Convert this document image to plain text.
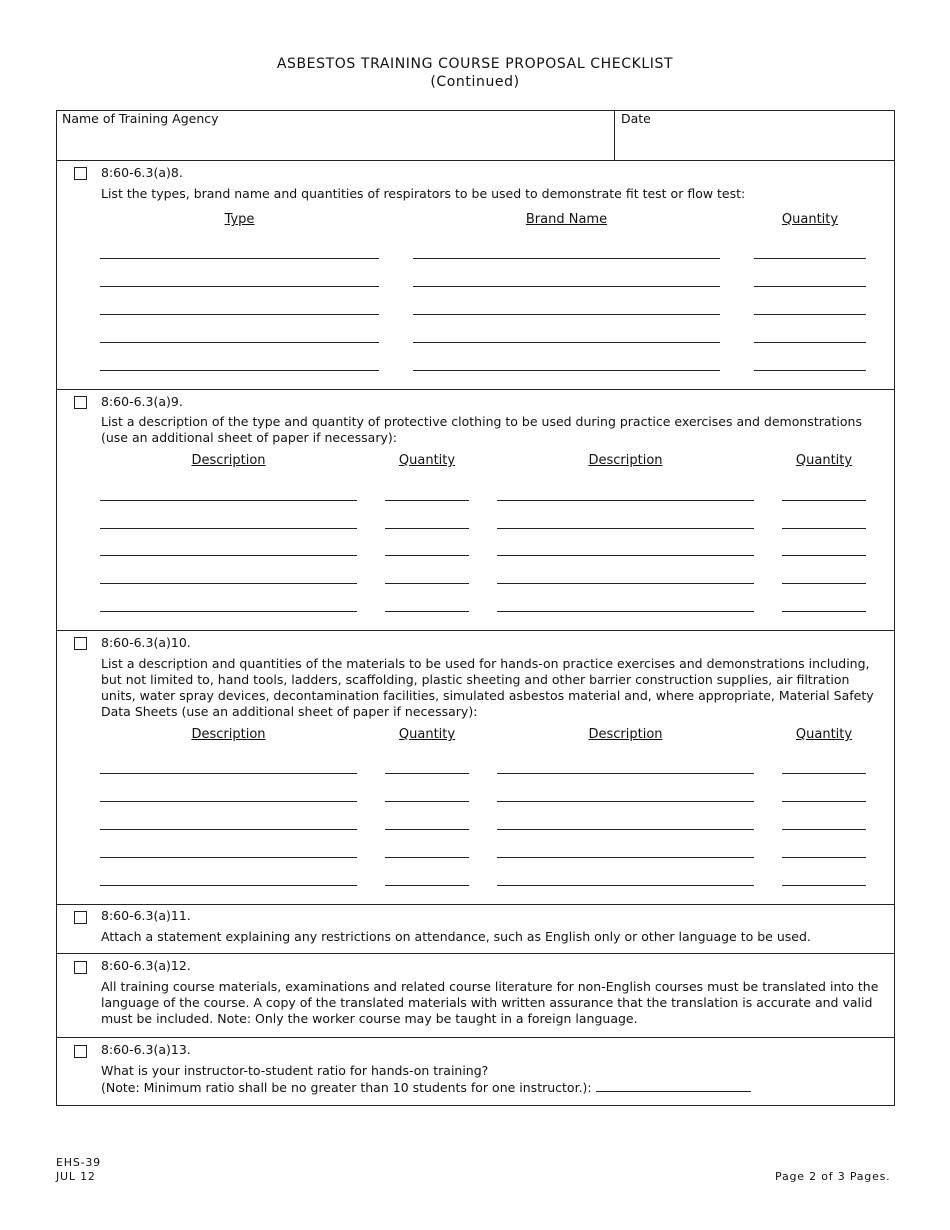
ASBESTOS TRAINING COURSE PROPOSAL CHECKLIST
(Continued)
Name of Training Agency	Date
8:60-6.3(a)8.
List the types, brand name and quantities of respirators to be used to demonstrate fit test or flow test:
Type	Brand Name	Quantity
8:60-6.3(a)9.
List a description of the type and quantity of protective clothing to be used during practice exercises and demonstrations (use an additional sheet of paper if necessary):
Description	Quantity	Description	Quantity
8:60-6.3(a)10.
List a description and quantities of the materials to be used for hands-on practice exercises and demonstrations including, but not limited to, hand tools, ladders, scaffolding, plastic sheeting and other barrier construction supplies, air filtration units, water spray devices, decontamination facilities, simulated asbestos material and, where appropriate, Material Safety Data Sheets (use an additional sheet of paper if necessary):
Description	Quantity	Description	Quantity
8:60-6.3(a)11.
Attach a statement explaining any restrictions on attendance, such as English only or other language to be used.
8:60-6.3(a)12.
All training course materials, examinations and related course literature for non-English courses must be translated into the language of the course. A copy of the translated materials with written assurance that the translation is accurate and valid must be included. Note: Only the worker course may be taught in a foreign language.
8:60-6.3(a)13.
What is your instructor-to-student ratio for hands-on training?
(Note: Minimum ratio shall be no greater than 10 students for one instructor.):
EHS-39
JUL 12	Page 2 of 3 Pages.
